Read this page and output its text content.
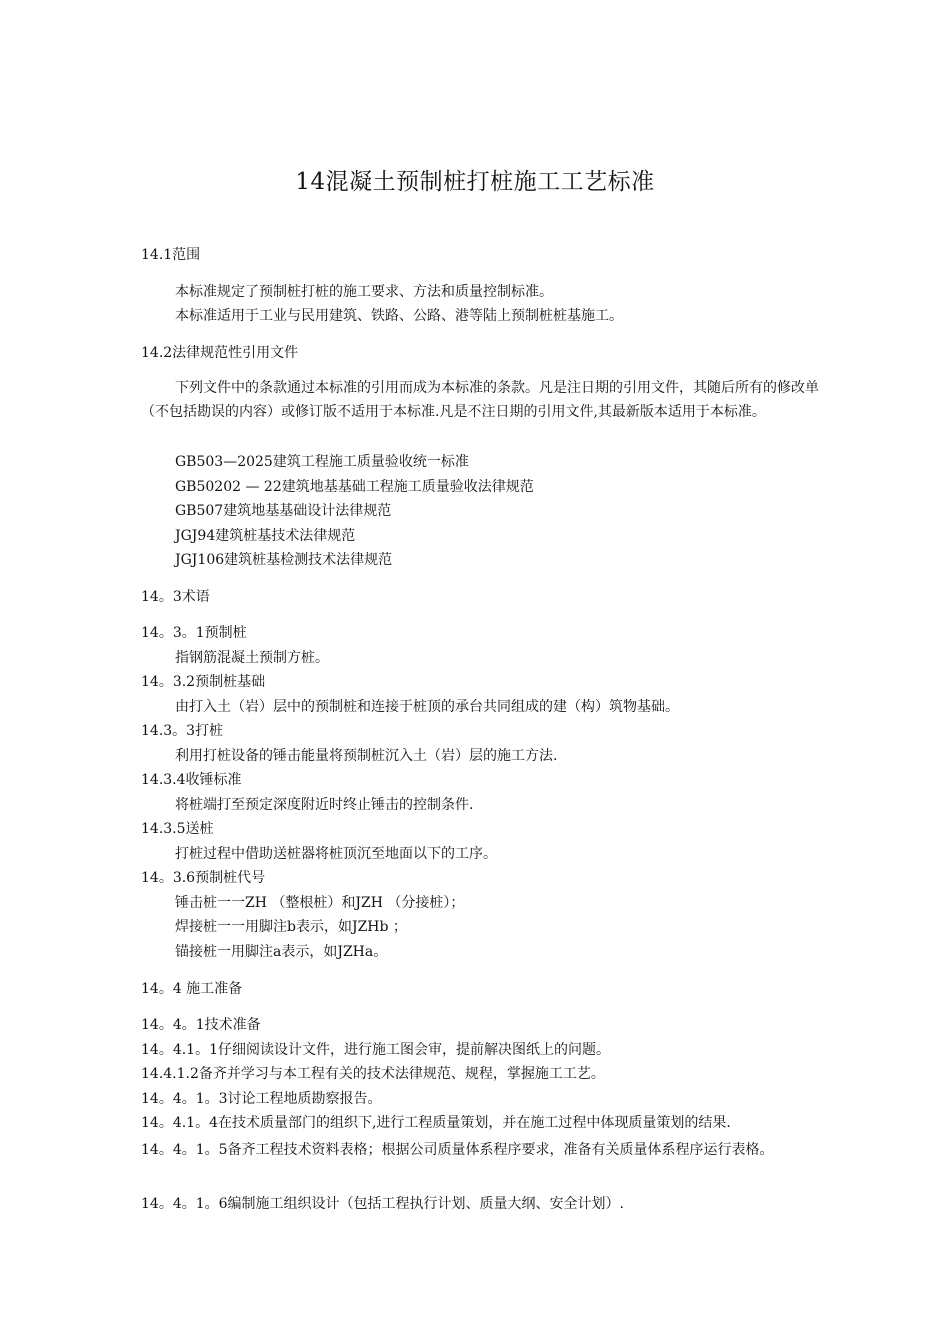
14混凝土预制桩打桩施工工艺标准

14.1范围

本标准规定了预制桩打桩的施工要求、方法和质量控制标准。

本标准适用于工业与民用建筑、铁路、公路、港等陆上预制桩桩基施工。

14.2法律规范性引用文件

下列文件中的条款通过本标准的引用而成为本标准的条款。凡是注日期的引用文件，其随后所有的修改单（不包括勘误的内容）或修订版不适用于本标准.凡是不注日期的引用文件,其最新版本适用于本标准。

GB503—2025建筑工程施工质量验收统一标准

GB50202 — 22建筑地基基础工程施工质量验收法律规范

GB507建筑地基基础设计法律规范

JGJ94建筑桩基技术法律规范

JGJ106建筑桩基检测技术法律规范

14。3术语

14。3。1预制桩

指钢筋混凝土预制方桩。

14。3.2预制桩基础

由打入土（岩）层中的预制桩和连接于桩顶的承台共同组成的建（构）筑物基础。

14.3。3打桩

利用打桩设备的锤击能量将预制桩沉入土（岩）层的施工方法.

14.3.4收锤标准

将桩端打至预定深度附近时终止锤击的控制条件.

14.3.5送桩

打桩过程中借助送桩器将桩顶沉至地面以下的工序。

14。3.6预制桩代号

锤击桩一一ZH （整根桩）和JZH （分接桩）；

焊接桩一一用脚注b表示，如JZHb ；

锚接桩一用脚注a表示，如JZHa。

14。4 施工准备

14。4。1技术准备

14。4.1。1仔细阅读设计文件，进行施工图会审，提前解决图纸上的问题。

14.4.1.2备齐并学习与本工程有关的技术法律规范、规程，掌握施工工艺。

14。4。1。3讨论工程地质勘察报告。

14。4.1。4在技术质量部门的组织下,进行工程质量策划，并在施工过程中体现质量策划的结果.

14。4。1。5备齐工程技术资料表格；根据公司质量体系程序要求，准备有关质量体系程序运行表格。

14。4。1。6编制施工组织设计（包括工程执行计划、质量大纲、安全计划）.
